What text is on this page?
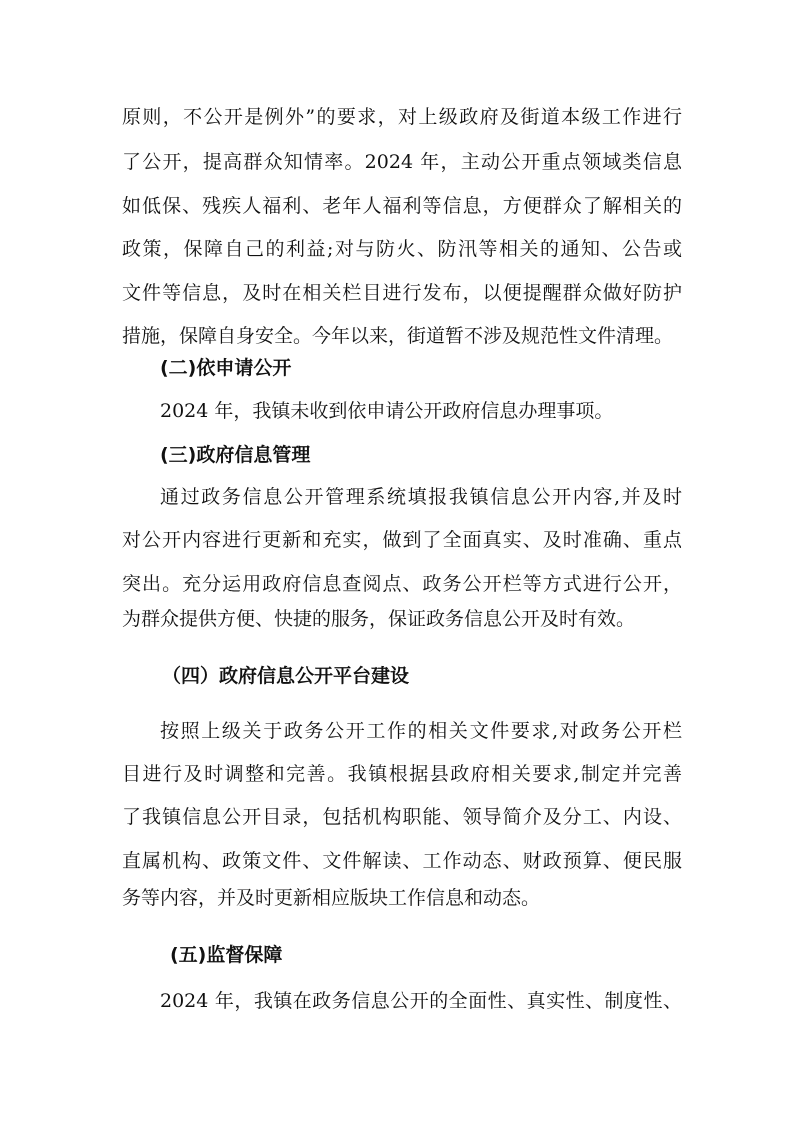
原则，不公开是例外”的要求，对上级政府及街道本级工作进行
了公开，提高群众知情率。2024 年，主动公开重点领域类信息
如低保、残疾人福利、老年人福利等信息，方便群众了解相关的
政策，保障自己的利益;对与防火、防汛等相关的通知、公告或
文件等信息，及时在相关栏目进行发布，以便提醒群众做好防护
措施，保障自身安全。今年以来，街道暂不涉及规范性文件清理。
(二)依申请公开
2024 年，我镇未收到依申请公开政府信息办理事项。
(三)政府信息管理
通过政务信息公开管理系统填报我镇信息公开内容,并及时
对公开内容进行更新和充实，做到了全面真实、及时准确、重点
突出。充分运用政府信息查阅点、政务公开栏等方式进行公开，
为群众提供方便、快捷的服务，保证政务信息公开及时有效。
（四）政府信息公开平台建设
按照上级关于政务公开工作的相关文件要求,对政务公开栏
目进行及时调整和完善。我镇根据县政府相关要求,制定并完善
了我镇信息公开目录，包括机构职能、领导简介及分工、内设、
直属机构、政策文件、文件解读、工作动态、财政预算、便民服
务等内容，并及时更新相应版块工作信息和动态。
(五)监督保障
2024 年，我镇在政务信息公开的全面性、真实性、制度性、
